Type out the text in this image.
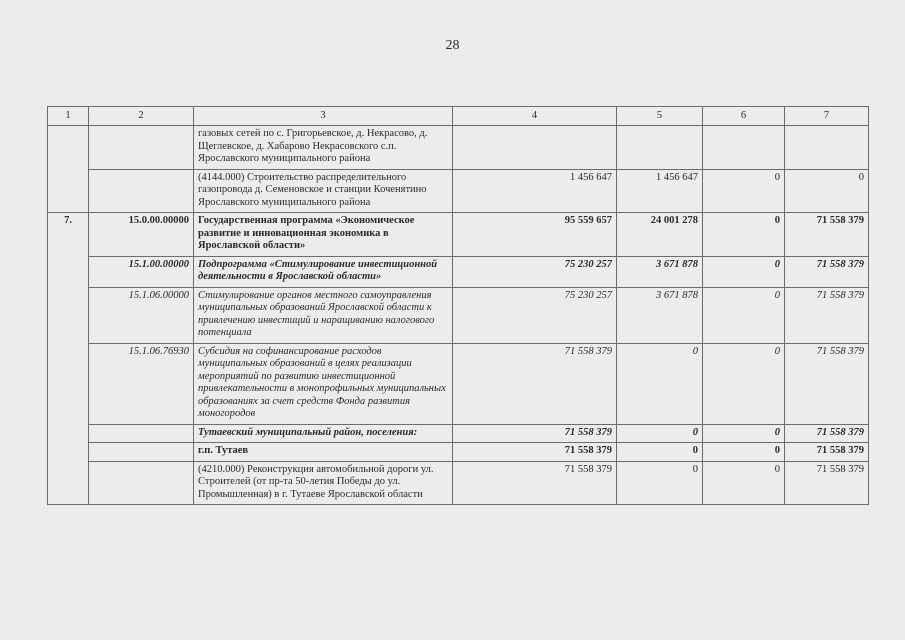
28
1	2	3	4	5	6	7
		газовых сетей по с. Григорьевское, д. Некрасово, д. Щеглевское, д. Хабарово Некрасовского с.п. Ярославского муниципального района				
		(4144.000) Строительство распределительного газопровода д. Семеновское и станции Коченятино Ярославского муниципального района	1 456 647	1 456 647	0	0
7.	15.0.00.00000	Государственная программа «Экономическое развитие и инновационная экономика в Ярославской области»	95 559 657	24 001 278	0	71 558 379
	15.1.00.00000	Подпрограмма «Стимулирование инвестиционной деятельности в Ярославской области»	75 230 257	3 671 878	0	71 558 379
	15.1.06.00000	Стимулирование органов местного самоуправления муниципальных образований Ярославской области к привлечению инвестиций и наращиванию налогового потенциала	75 230 257	3 671 878	0	71 558 379
	15.1.06.76930	Субсидия на софинансирование расходов муниципальных образований в целях реализации мероприятий по развитию инвестиционной привлекательности в монопрофильных муниципальных образованиях за счет средств Фонда развития моногородов	71 558 379	0	0	71 558 379
		Тутаевский муниципальный район, поселения:	71 558 379	0	0	71 558 379
		г.п. Тутаев	71 558 379	0	0	71 558 379
		(4210.000) Реконструкция автомобильной дороги ул. Строителей (от пр-та 50-летия Победы до ул. Промышленная) в г. Тутаеве Ярославской области	71 558 379	0	0	71 558 379
